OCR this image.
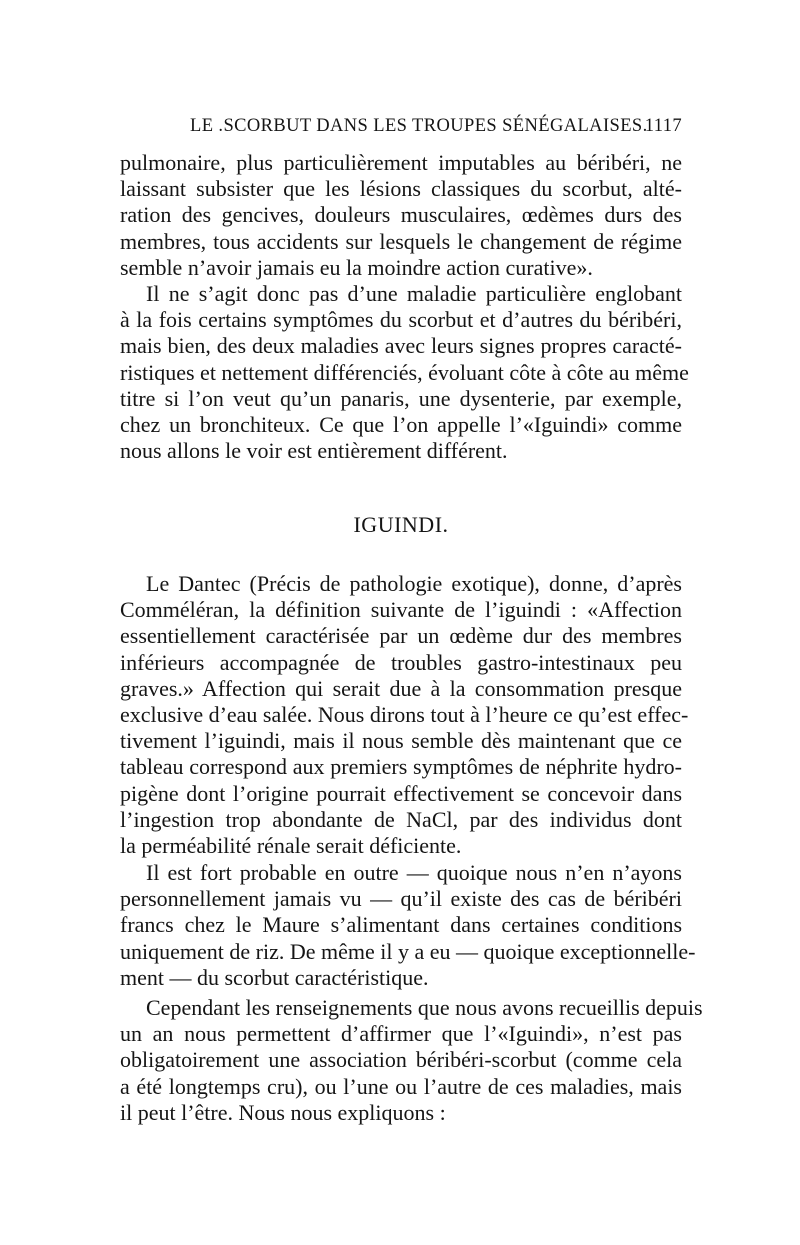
LE .SCORBUT DANS LES TROUPES SÉNÉGALAISES.
1117
pulmonaire, plus particulièrement imputables au béribéri, ne
laissant subsister que les lésions classiques du scorbut, alté-
ration des gencives, douleurs musculaires, œdèmes durs des
membres, tous accidents sur lesquels le changement de régime
semble n’avoir jamais eu la moindre action curative».
Il ne s’agit donc pas d’une maladie particulière englobant
à la fois certains symptômes du scorbut et d’autres du béribéri,
mais bien, des deux maladies avec leurs signes propres caracté-
ristiques et nettement différenciés, évoluant côte à côte au même
titre si l’on veut qu’un panaris, une dysenterie, par exemple,
chez un bronchiteux. Ce que l’on appelle l’«Iguindi» comme
nous allons le voir est entièrement différent.
IGUINDI.
Le Dantec (Précis de pathologie exotique), donne, d’après
Comméléran, la définition suivante de l’iguindi : «Affection
essentiellement caractérisée par un œdème dur des membres
inférieurs accompagnée de troubles gastro-intestinaux peu
graves.» Affection qui serait due à la consommation presque
exclusive d’eau salée. Nous dirons tout à l’heure ce qu’est effec-
tivement l’iguindi, mais il nous semble dès maintenant que ce
tableau correspond aux premiers symptômes de néphrite hydro-
pigène dont l’origine pourrait effectivement se concevoir dans
l’ingestion trop abondante de NaCl, par des individus dont
la perméabilité rénale serait déficiente.
Il est fort probable en outre — quoique nous n’en n’ayons
personnellement jamais vu — qu’il existe des cas de béribéri
francs chez le Maure s’alimentant dans certaines conditions
uniquement de riz. De même il y a eu — quoique exceptionnelle-
ment — du scorbut caractéristique.
Cependant les renseignements que nous avons recueillis depuis
un an nous permettent d’affirmer que l’«Iguindi», n’est pas
obligatoirement une association béribéri-scorbut (comme cela
a été longtemps cru), ou l’une ou l’autre de ces maladies, mais
il peut l’être. Nous nous expliquons :
